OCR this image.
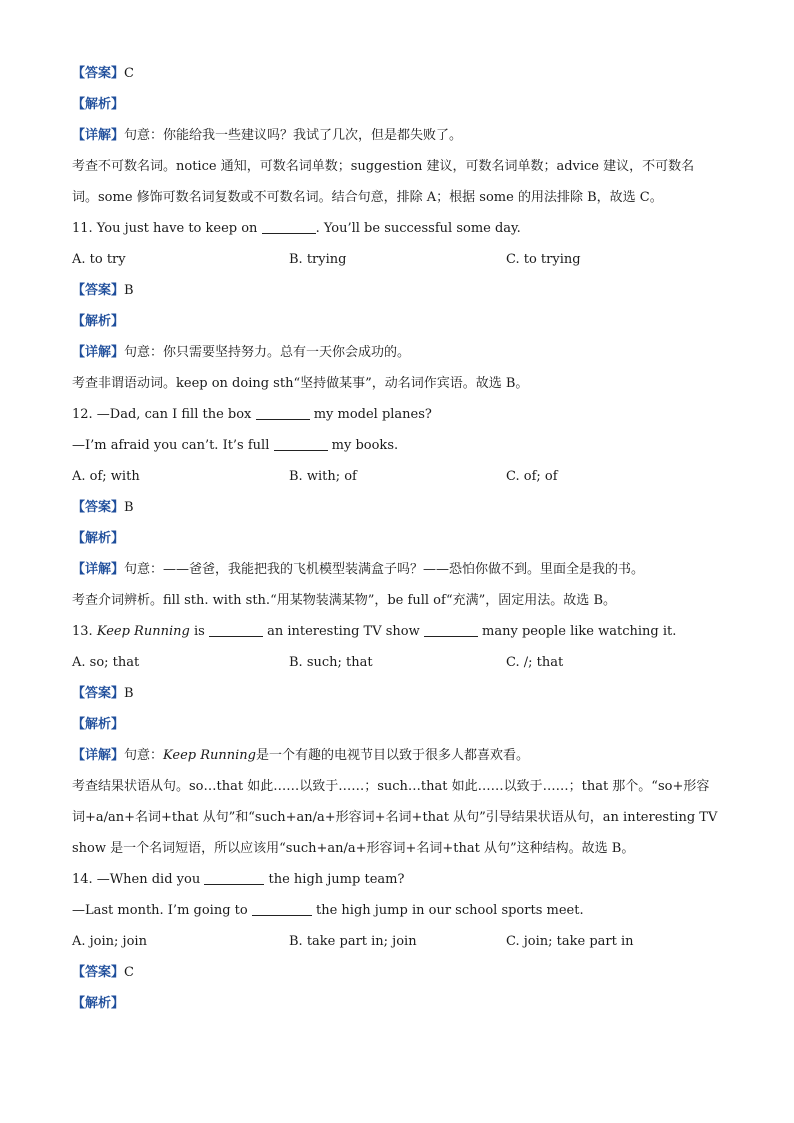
【答案】C
【解析】
【详解】句意：你能给我一些建议吗？我试了几次，但是都失败了。
考查不可数名词。notice 通知，可数名词单数；suggestion 建议，可数名词单数；advice 建议，不可数名
词。some 修饰可数名词复数或不可数名词。结合句意，排除 A；根据 some 的用法排除 B，故选 C。
11. You just have to keep on	. You’ll be successful some day.
A. to try	B. trying	C. to trying
【答案】B
【解析】
【详解】句意：你只需要坚持努力。总有一天你会成功的。
考查非谓语动词。keep on doing sth“坚持做某事”，动名词作宾语。故选 B。
12. —Dad, can I fill the box	my model planes?
—I’m afraid you can’t. It’s full	my books.
A. of; with	B. with; of	C. of; of
【答案】B
【解析】
【详解】句意：——爸爸，我能把我的飞机模型装满盒子吗？——恐怕你做不到。里面全是我的书。
考查介词辨析。fill sth. with sth.“用某物装满某物”，be full of“充满”，固定用法。故选 B。
13. Keep Running is	an interesting TV show	many people like watching it.
A. so; that	B. such; that	C. /; that
【答案】B
【解析】
【详解】句意：Keep Running是一个有趣的电视节目以致于很多人都喜欢看。
考查结果状语从句。so…that 如此……以致于……；such…that 如此……以致于……；that 那个。“so+形容
词+a/an+名词+that 从句”和“such+an/a+形容词+名词+that 从句”引导结果状语从句，an interesting TV
show 是一个名词短语，所以应该用“such+an/a+形容词+名词+that 从句”这种结构。故选 B。
14. —When did you	the high jump team?
—Last month. I’m going to	the high jump in our school sports meet.
A. join; join	B. take part in; join	C. join; take part in
【答案】C
【解析】
